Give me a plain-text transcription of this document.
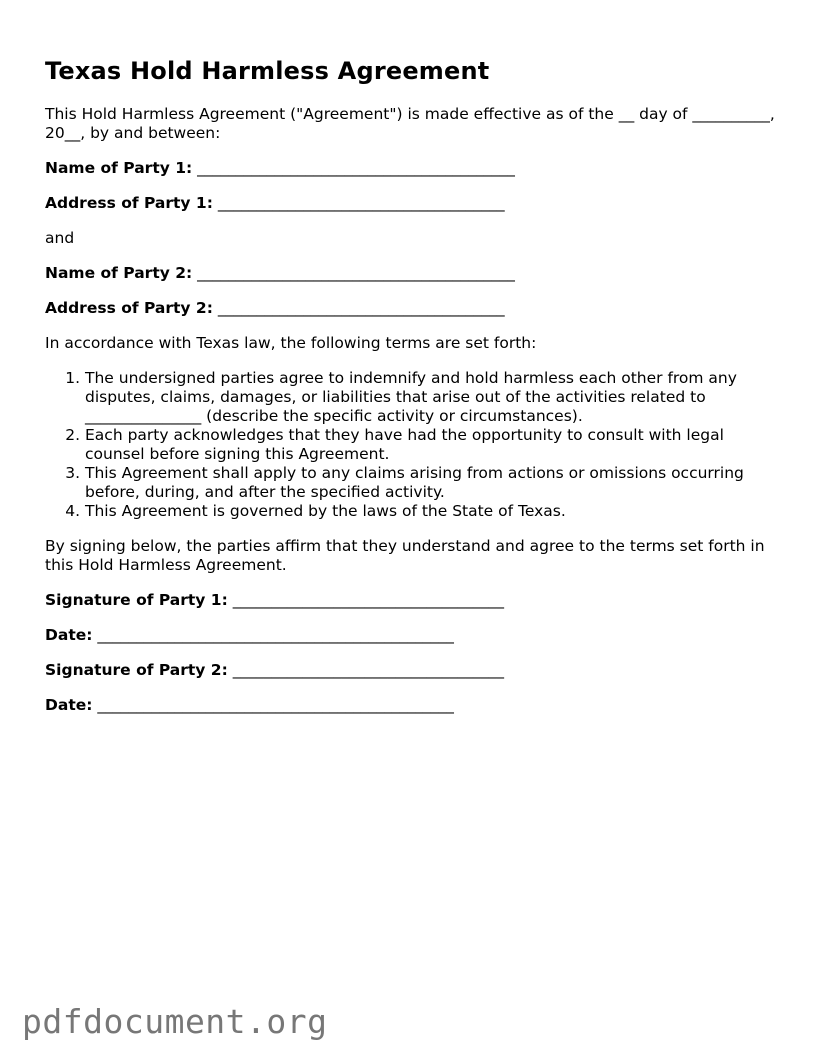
Texas Hold Harmless Agreement

This Hold Harmless Agreement ("Agreement") is made effective as of the __ day of __________, 20__, by and between:

Name of Party 1: _________________________________________

Address of Party 1: _____________________________________

and

Name of Party 2: _________________________________________

Address of Party 2: _____________________________________

In accordance with Texas law, the following terms are set forth:

1. The undersigned parties agree to indemnify and hold harmless each other from any disputes, claims, damages, or liabilities that arise out of the activities related to _______________ (describe the specific activity or circumstances).
2. Each party acknowledges that they have had the opportunity to consult with legal counsel before signing this Agreement.
3. This Agreement shall apply to any claims arising from actions or omissions occurring before, during, and after the specified activity.
4. This Agreement is governed by the laws of the State of Texas.

By signing below, the parties affirm that they understand and agree to the terms set forth in this Hold Harmless Agreement.

Signature of Party 1: ___________________________________

Date: ______________________________________________

Signature of Party 2: ___________________________________

Date: ______________________________________________

pdfdocument.org
